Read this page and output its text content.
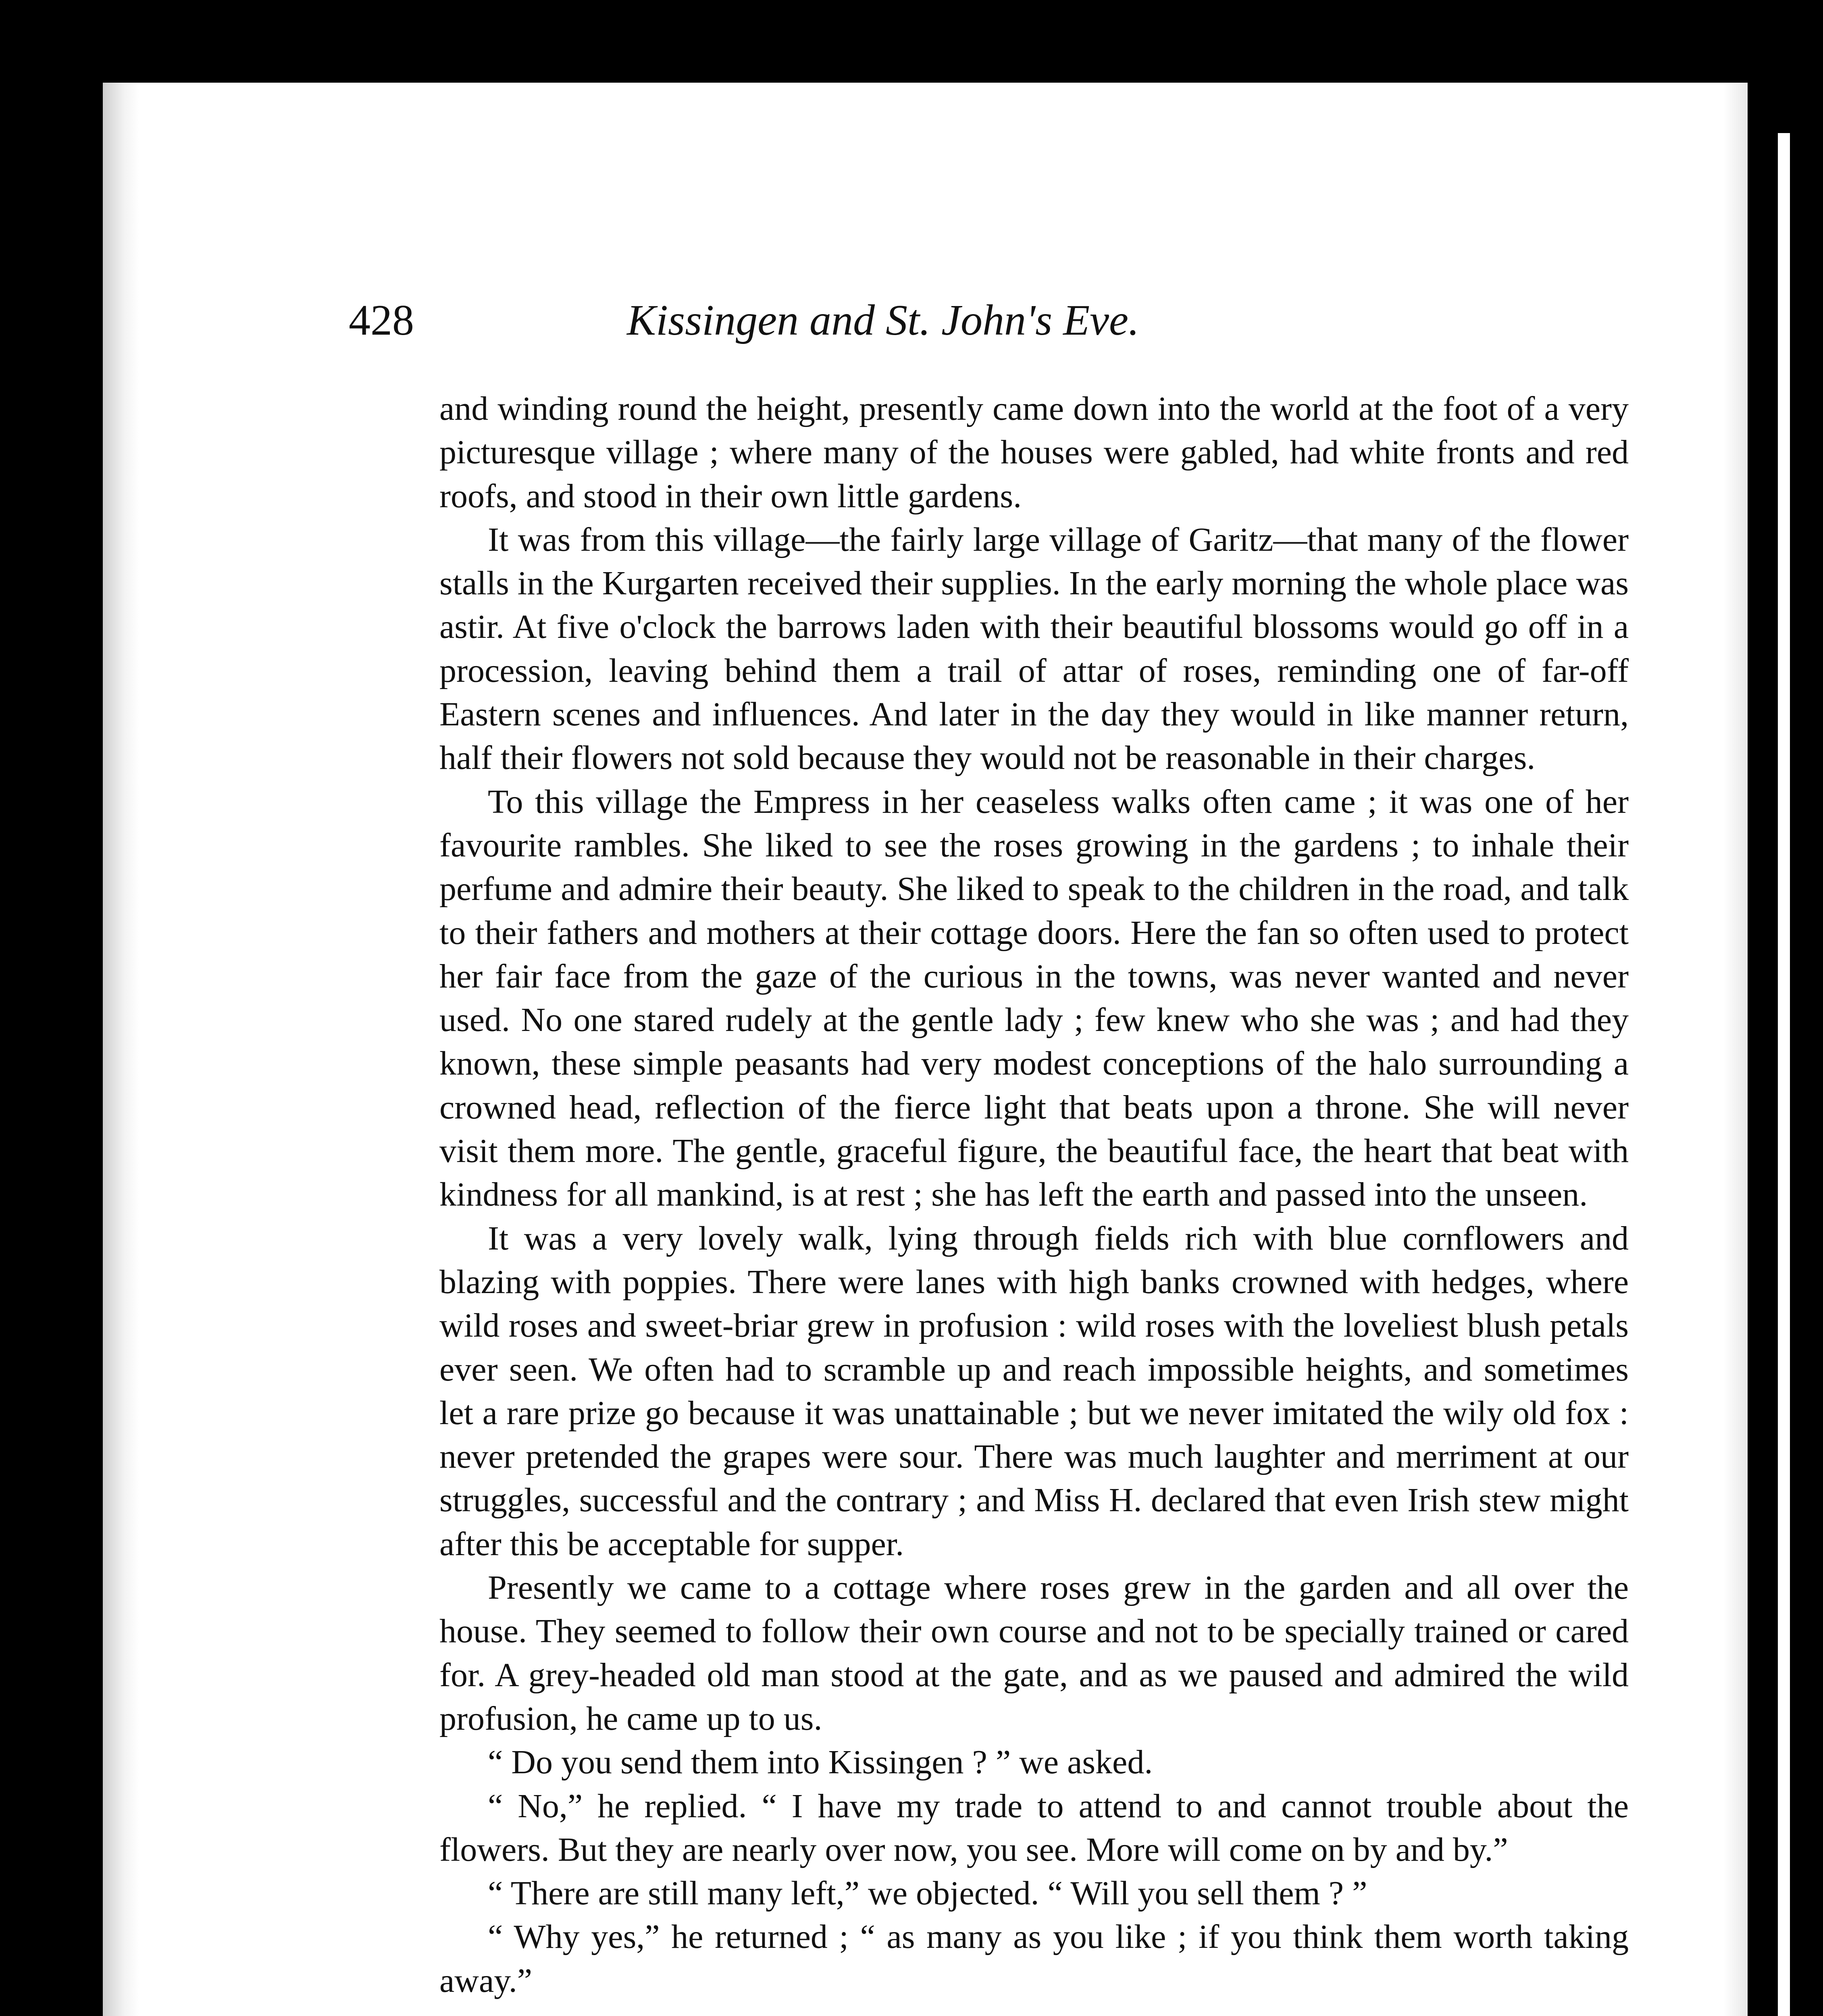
428	Kissingen and St. John's Eve.

and winding round the height, presently came down into the world at the foot of a very picturesque village ; where many of the houses were gabled, had white fronts and red roofs, and stood in their own little gardens.

It was from this village—the fairly large village of Garitz—that many of the flower stalls in the Kurgarten received their supplies. In the early morning the whole place was astir. At five o'clock the barrows laden with their beautiful blossoms would go off in a procession, leaving behind them a trail of attar of roses, reminding one of far-off Eastern scenes and influences. And later in the day they would in like manner return, half their flowers not sold because they would not be reasonable in their charges.

To this village the Empress in her ceaseless walks often came ; it was one of her favourite rambles. She liked to see the roses growing in the gardens ; to inhale their perfume and admire their beauty. She liked to speak to the children in the road, and talk to their fathers and mothers at their cottage doors. Here the fan so often used to protect her fair face from the gaze of the curious in the towns, was never wanted and never used. No one stared rudely at the gentle lady ; few knew who she was ; and had they known, these simple peasants had very modest conceptions of the halo surrounding a crowned head, reflection of the fierce light that beats upon a throne. She will never visit them more. The gentle, graceful figure, the beautiful face, the heart that beat with kindness for all mankind, is at rest ; she has left the earth and passed into the unseen.

It was a very lovely walk, lying through fields rich with blue cornflowers and blazing with poppies. There were lanes with high banks crowned with hedges, where wild roses and sweet-briar grew in profusion : wild roses with the loveliest blush petals ever seen. We often had to scramble up and reach impossible heights, and sometimes let a rare prize go because it was unattainable ; but we never imitated the wily old fox : never pretended the grapes were sour. There was much laughter and merriment at our struggles, successful and the contrary ; and Miss H. declared that even Irish stew might after this be acceptable for supper.

Presently we came to a cottage where roses grew in the garden and all over the house. They seemed to follow their own course and not to be specially trained or cared for. A grey-headed old man stood at the gate, and as we paused and admired the wild profusion, he came up to us.

“ Do you send them into Kissingen ? ” we asked.

“ No,” he replied. “ I have my trade to attend to and cannot trouble about the flowers. But they are nearly over now, you see. More will come on by and by.”

“ There are still many left,” we objected. “ Will you sell them ? ”

“ Why yes,” he returned ; “ as many as you like ; if you think them worth taking away.”
